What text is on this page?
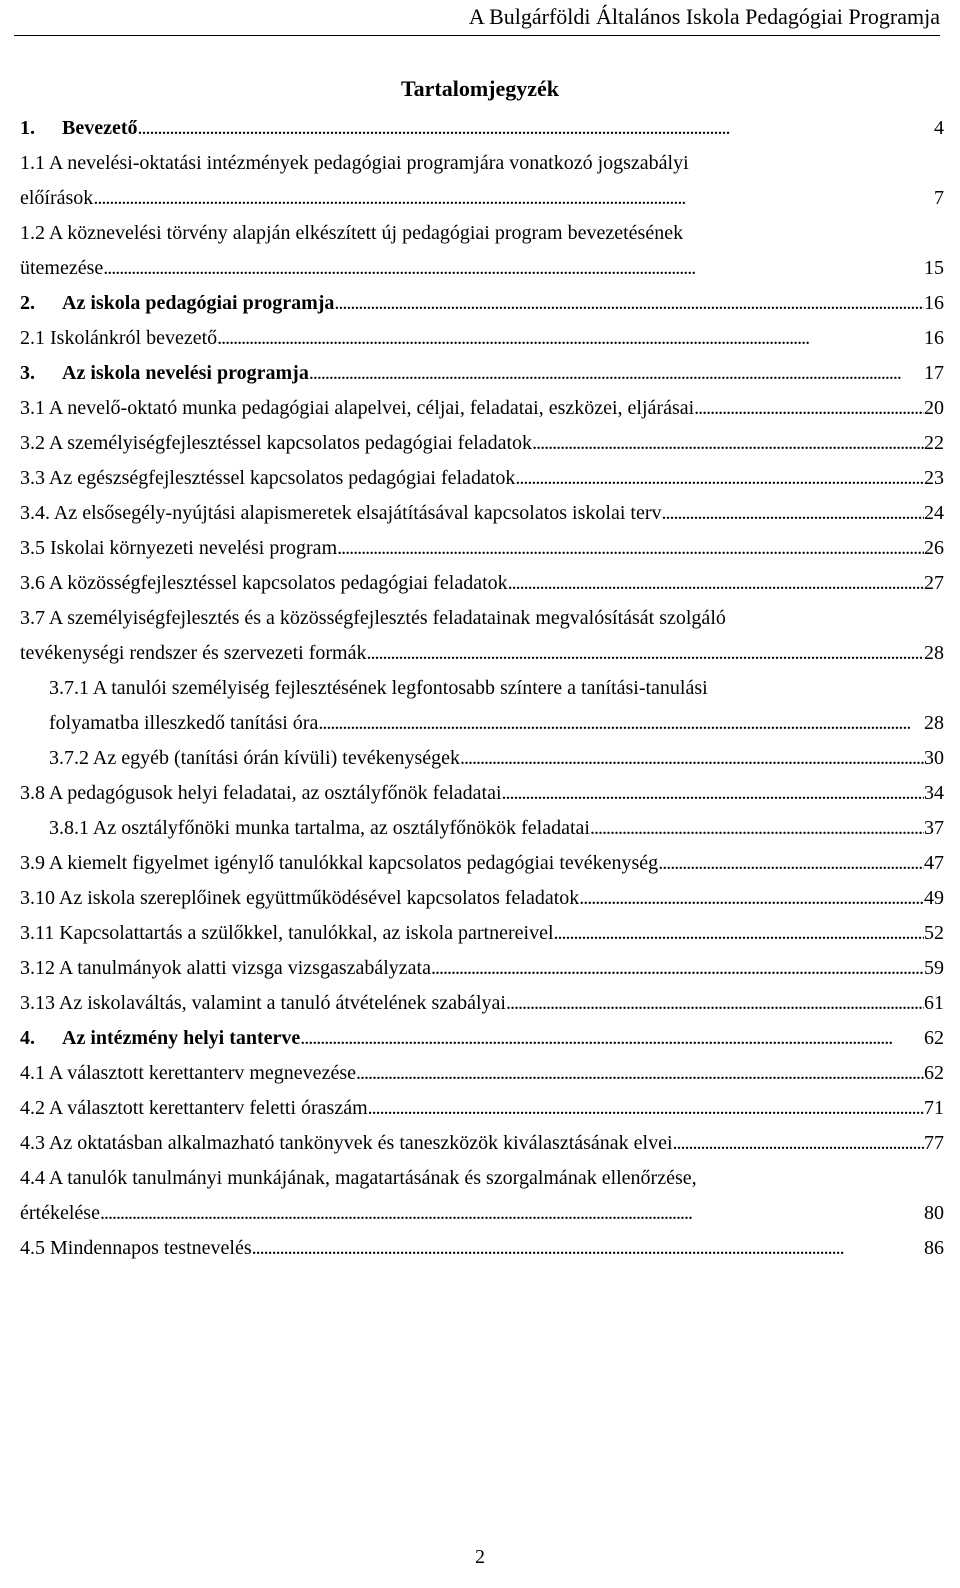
A Bulgárföldi Általános Iskola Pedagógiai Programja
Tartalomjegyzék
1. Bevezető . . .	4
1.1 A nevelési-oktatási intézmények pedagógiai programjára vonatkozó jogszabályi
előírások . . .	7
1.2 A köznevelési törvény alapján elkészített új pedagógiai program bevezetésének
ütemezése . . .	15
2. Az iskola pedagógiai programja . . .	16
2.1 Iskolánkról bevezető . . .	16
3. Az iskola nevelési programja . . .	17
3.1 A nevelő-oktató munka pedagógiai alapelvei, céljai, feladatai, eszközei, eljárásai . . .	20
3.2 A személyiségfejlesztéssel kapcsolatos pedagógiai feladatok . . .	22
3.3 Az egészségfejlesztéssel kapcsolatos pedagógiai feladatok . . .	23
3.4. Az elsősegély-nyújtási alapismeretek elsajátításával kapcsolatos iskolai terv . . .	24
3.5 Iskolai környezeti nevelési program . . .	26
3.6 A közösségfejlesztéssel kapcsolatos pedagógiai feladatok . . .	27
3.7 A személyiségfejlesztés és a közösségfejlesztés feladatainak megvalósítását szolgáló
tevékenységi rendszer és szervezeti formák . . .	28
3.7.1 A tanulói személyiség fejlesztésének legfontosabb színtere a tanítási-tanulási
folyamatba illeszkedő tanítási óra . . .	28
3.7.2 Az egyéb (tanítási órán kívüli) tevékenységek . . .	30
3.8 A pedagógusok helyi feladatai, az osztályfőnök feladatai . . .	34
3.8.1 Az osztályfőnöki munka tartalma, az osztályfőnökök feladatai . . .	37
3.9 A kiemelt figyelmet igénylő tanulókkal kapcsolatos pedagógiai tevékenység . . .	47
3.10 Az iskola szereplőinek együttműködésével kapcsolatos feladatok . . .	49
3.11 Kapcsolattartás a szülőkkel, tanulókkal, az iskola partnereivel . . .	52
3.12 A tanulmányok alatti vizsga vizsgaszabályzata . . .	59
3.13 Az iskolaváltás, valamint a tanuló átvételének szabályai . . .	61
4. Az intézmény helyi tanterve . . .	62
4.1 A választott kerettanterv megnevezése . . .	62
4.2 A választott kerettanterv feletti óraszám . . .	71
4.3 Az oktatásban alkalmazható tankönyvek és taneszközök kiválasztásának elvei . . .	77
4.4 A tanulók tanulmányi munkájának, magatartásának és szorgalmának ellenőrzése,
értékelése . . .	80
4.5 Mindennapos testnevelés . . .	86
2
